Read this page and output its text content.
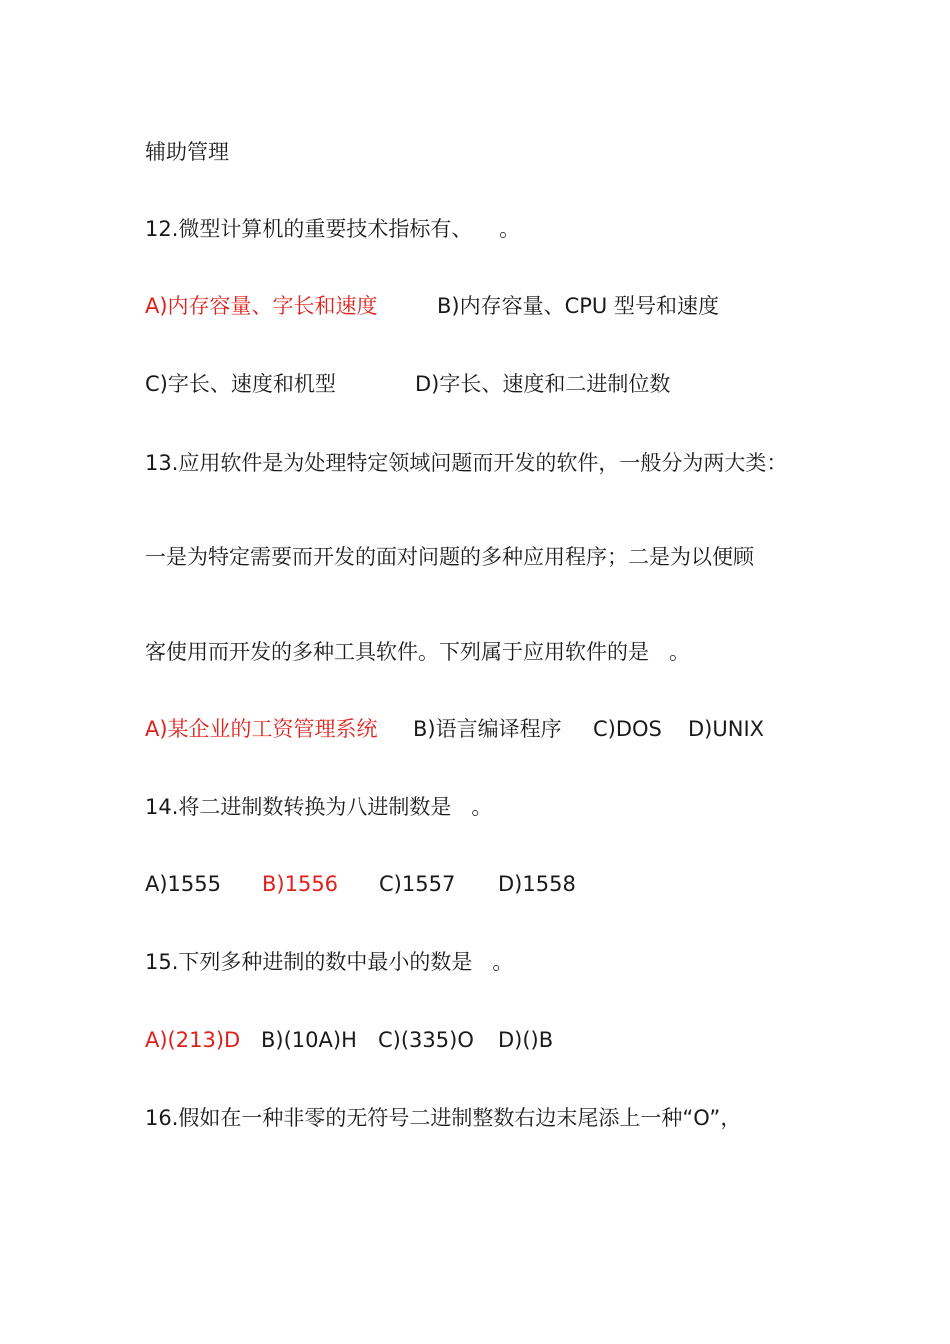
辅助管理
12.微型计算机的重要技术指标有、    。

A)内存容量、字长和速度

	B)内存容量、CPU 型号和速度

C)字长、速度和机型

	D)字长、速度和二进制位数

13.应用软件是为处理特定领域问题而开发的软件，一般分为两大类：
一是为特定需要而开发的面对问题的多种应用程序；二是为以便顾
客使用而开发的多种工具软件。下列属于应用软件的是   。

A)某企业的工资管理系统

B)语言编译程序

C)DOS

D)UNIX

14.将二进制数转换为八进制数是   。

A)1555

B)1556

C)1557

D)1558

15.下列多种进制的数中最小的数是   。

A)(213)D

B)(10A)H

C)(335)O

D)()B

16.假如在一种非零的无符号二进制整数右边末尾添上一种“O”，
